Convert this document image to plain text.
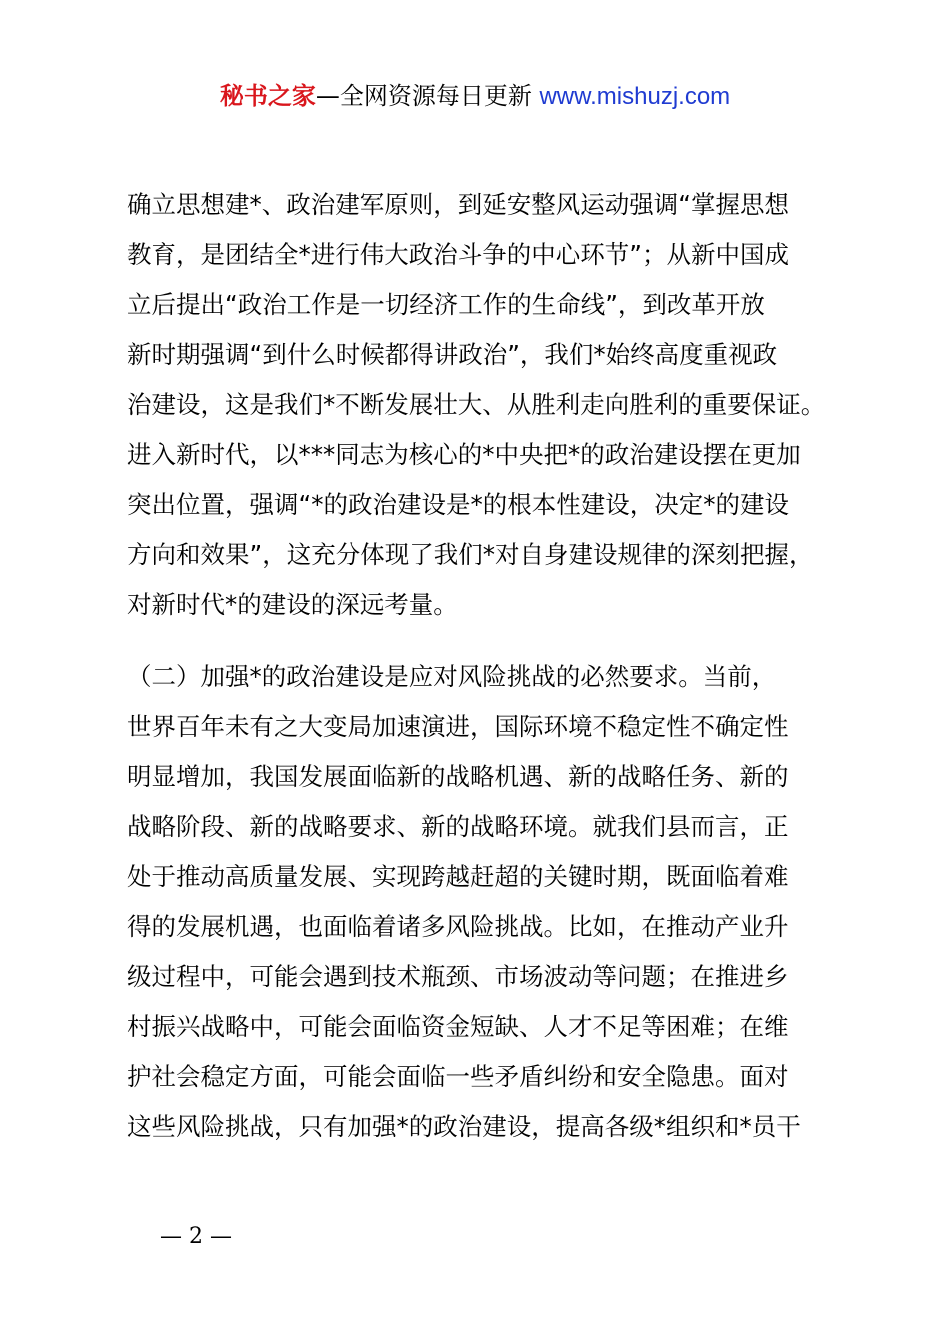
秘书之家—全网资源每日更新 www.mishuzj.com
确立思想建*、政治建军原则，到延安整风运动强调“掌握思想
教育，是团结全*进行伟大政治斗争的中心环节”；从新中国成
立后提出“政治工作是一切经济工作的生命线”，到改革开放
新时期强调“到什么时候都得讲政治”，我们*始终高度重视政
治建设，这是我们*不断发展壮大、从胜利走向胜利的重要保证。
进入新时代，以***同志为核心的*中央把*的政治建设摆在更加
突出位置，强调“*的政治建设是*的根本性建设，决定*的建设
方向和效果”，这充分体现了我们*对自身建设规律的深刻把握，
对新时代*的建设的深远考量。
（二）加强*的政治建设是应对风险挑战的必然要求。当前，
世界百年未有之大变局加速演进，国际环境不稳定性不确定性
明显增加，我国发展面临新的战略机遇、新的战略任务、新的
战略阶段、新的战略要求、新的战略环境。就我们县而言，正
处于推动高质量发展、实现跨越赶超的关键时期，既面临着难
得的发展机遇，也面临着诸多风险挑战。比如，在推动产业升
级过程中，可能会遇到技术瓶颈、市场波动等问题；在推进乡
村振兴战略中，可能会面临资金短缺、人才不足等困难；在维
护社会稳定方面，可能会面临一些矛盾纠纷和安全隐患。面对
这些风险挑战，只有加强*的政治建设，提高各级*组织和*员干
— 2 —
